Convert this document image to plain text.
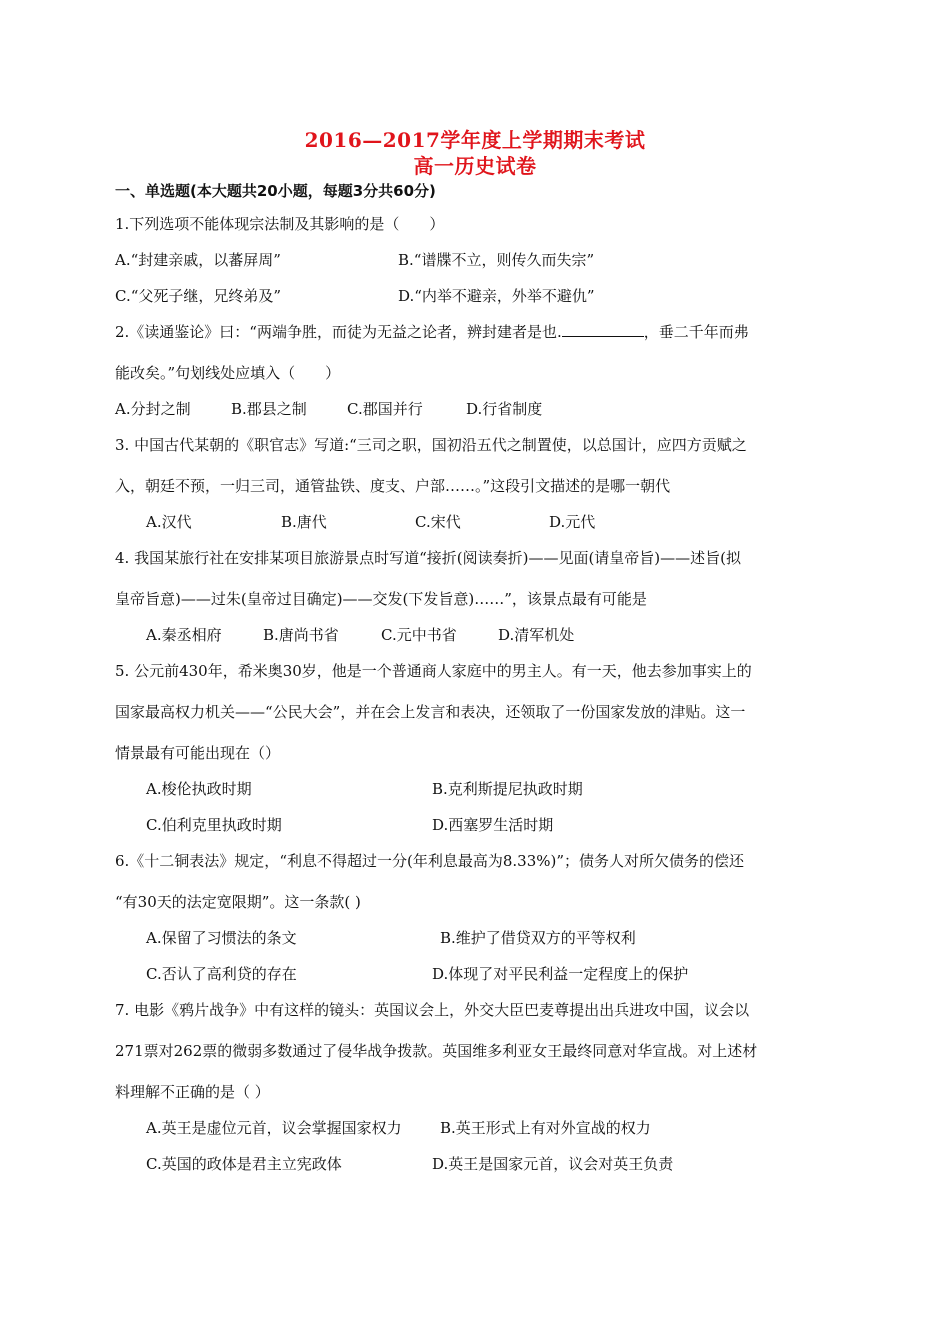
2016—2017学年度上学期期末考试
高一历史试卷
一、单选题(本大题共20小题，每题3分共60分)
1.下列选项不能体现宗法制及其影响的是（　　）
A.“封建亲戚，以蕃屏周”	B.“谱牒不立，则传久而失宗”
C.“父死子继，兄终弟及”	D.“内举不避亲，外举不避仇”
2.《读通鉴论》曰：“两端争胜，而徒为无益之论者，辨封建者是也.	，垂二千年而弗
能改矣。”句划线处应填入（　　）
A.分封之制	B.郡县之制	C.郡国并行	D.行省制度
3. 中国古代某朝的《职官志》写道:“三司之职，国初沿五代之制置使，以总国计，应四方贡赋之
入，朝廷不预，一归三司，通管盐铁、度支、户部……。”这段引文描述的是哪一朝代
A.汉代	B.唐代	C.宋代	D.元代
4. 我国某旅行社在安排某项目旅游景点时写道“接折(阅读奏折)——见面(请皇帝旨)——述旨(拟
皇帝旨意)——过朱(皇帝过目确定)——交发(下发旨意)……”，该景点最有可能是
A.秦丞相府	B.唐尚书省	C.元中书省	D.清军机处
5. 公元前430年，希米奥30岁，他是一个普通商人家庭中的男主人。有一天，他去参加事实上的
国家最高权力机关——“公民大会”，并在会上发言和表决，还领取了一份国家发放的津贴。这一
情景最有可能出现在（）
A.梭伦执政时期	B.克利斯提尼执政时期
C.伯利克里执政时期	D.西塞罗生活时期
6.《十二铜表法》规定，“利息不得超过一分(年利息最高为8.33%)”；债务人对所欠债务的偿还
“有30天的法定宽限期”。这一条款( )
A.保留了习惯法的条文	B.维护了借贷双方的平等权利
C.否认了高利贷的存在	D.体现了对平民利益一定程度上的保护
7. 电影《鸦片战争》中有这样的镜头：英国议会上，外交大臣巴麦尊提出出兵进攻中国，议会以
271票对262票的微弱多数通过了侵华战争拨款。英国维多利亚女王最终同意对华宣战。对上述材
料理解不正确的是（ ）
A.英王是虚位元首，议会掌握国家权力	B.英王形式上有对外宣战的权力
C.英国的政体是君主立宪政体	D.英王是国家元首，议会对英王负责
